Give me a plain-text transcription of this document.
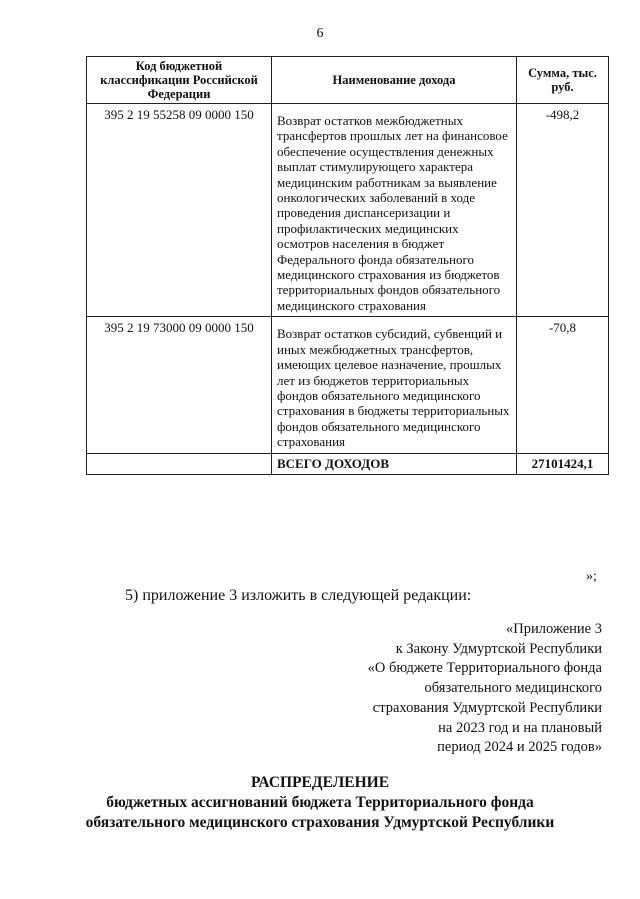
6
Код бюджетной классификации Российской Федерации	Наименование дохода	Сумма, тыс. руб.
395 2 19 55258 09 0000 150	Возврат остатков межбюджетных трансфертов прошлых лет на финансовое обеспечение осуществления денежных выплат стимулирующего характера медицинским работникам за выявление онкологических заболеваний в ходе проведения диспансеризации и профилактических медицинских осмотров населения в бюджет Федерального фонда обязательного медицинского страхования из бюджетов территориальных фондов обязательного медицинского страхования	-498,2
395 2 19 73000 09 0000 150	Возврат остатков субсидий, субвенций и иных межбюджетных трансфертов, имеющих целевое назначение, прошлых лет из бюджетов территориальных фондов обязательного медицинского страхования в бюджеты территориальных фондов обязательного медицинского страхования	-70,8
	ВСЕГО ДОХОДОВ	27101424,1
»;
5) приложение 3 изложить в следующей редакции:
«Приложение 3
к Закону Удмуртской Республики
«О бюджете Территориального фонда
обязательного медицинского
страхования Удмуртской Республики
на 2023 год и на плановый
период 2024 и 2025 годов»
РАСПРЕДЕЛЕНИЕ
бюджетных ассигнований бюджета Территориального фонда
обязательного медицинского страхования Удмуртской Республики
